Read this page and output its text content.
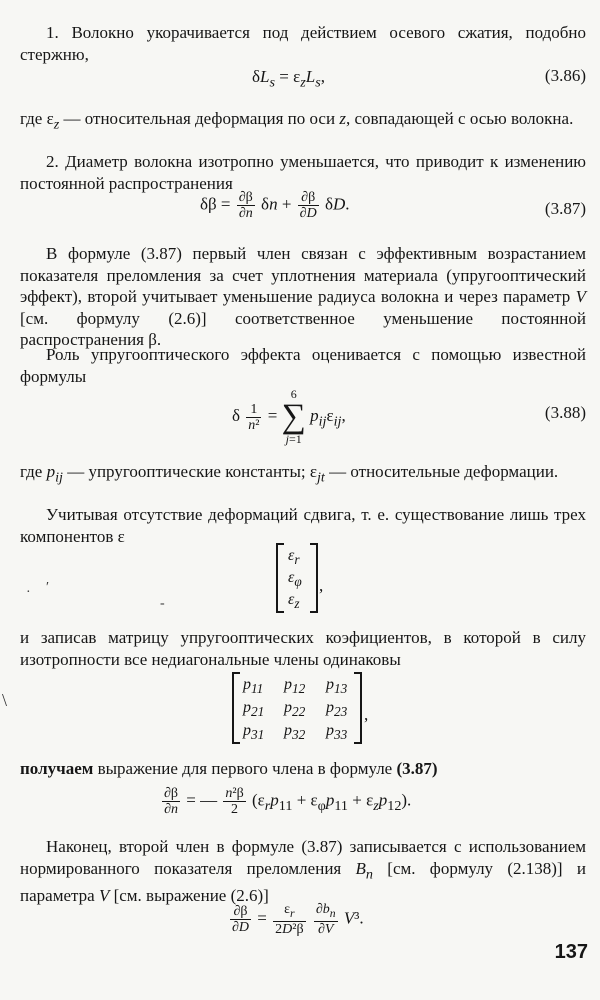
1. Волокно укорачивается под действием осевого сжатия, подобно стержню,
$\delta L_s = \varepsilon_zL_s$,	(3.86)
где $\varepsilon_z$ — относительная деформация по оси z, совпадающей с осью волокна.
2. Диаметр волокна изотропно уменьшается, что приводит к изменению постоянной распространения
$\delta\beta = \frac{\partial\beta}{\partial n}$ $\delta n + \frac{\partial\beta}{\partial D} \delta D$.	(3.87)
В формуле (3.87) первый член связан с эффективным возрастанием показателя преломления за счет уплотнения материала (упругооптический эффект), второй учитывает уменьшение радиуса волокна и через параметр V [см. формулу (2.6)] соответственное уменьшение постоянной распространения β.
Роль упругооптического эффекта оценивается с помощью известной формулы
δ $\frac{1}{\text{n²}}$ =
6
∑
j=1
$p_{ij}\varepsilon_{ij}$,	(3.88)
где $p_{ij}$ — упругооптические константы; $\varepsilon_{jt}$ — относительные деформации.
Учитывая отсутствие деформаций сдвига, т. е. существование лишь трех компонентов ε
$\varepsilon_r$
$\varepsilon_\varphi$
$\varepsilon_z$
,
· ′
-
и записав матрицу упругооптических коэфициентов, в которой в силу изотропности все недиагональные члены одинаковы
$p_{11}$ $p_{12}$ $p_{13}$
$p_{21}$ $p_{22}$ $p_{23}$
$p_{31}$ $p_{32}$ $p_{33}$
,
\
получаем выражение для первого члена в формуле (3.87)
$\frac{\partial\beta}{\partial n}$ = — $\frac{\text{n²β}}{2} (\varepsilon_rp_{11} + \varepsilon_\varphi p_{11} + \varepsilon_zp_{12})$.
Наконец, второй член в формуле (3.87) записывается с использованием нормированного показателя преломления $B_n$ [см. формулу (2.138)] и параметра V [см. выражение (2.6)]
$\frac{\partial\beta}{\partial D} = \frac{\varepsilon_r}{\text{2D²β}}$
$\frac{\partial b_n}{\partial V} V^3$.
137
